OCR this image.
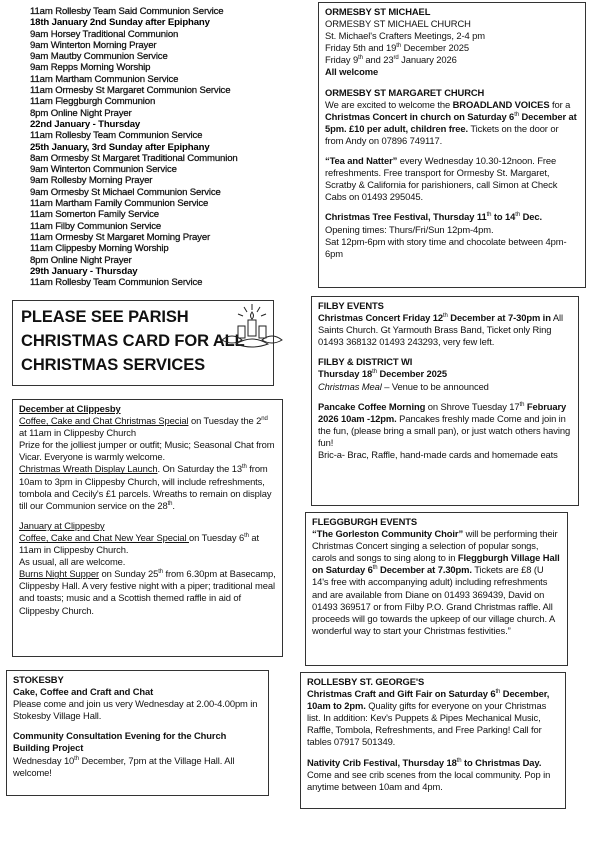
11am Rollesby Team Said Communion Service
18th January 2nd Sunday after Epiphany
9am Horsey Traditional Communion
9am Winterton Morning Prayer
9am Mautby Communion Service
9am Repps Morning Worship
11am Martham Communion Service
11am Ormesby St Margaret Communion Service
11am Fleggburgh Communion
8pm Online Night Prayer
22nd January - Thursday
11am Rollesby Team Communion Service
25th January, 3rd Sunday after Epiphany
8am Ormesby St Margaret Traditional Communion
9am Winterton Communion Service
9am Rollesby Morning Prayer
9am Ormesby St Michael Communion Service
11am Martham Family Communion Service
11am Somerton Family Service
11am Filby Communion Service
11am Ormesby St Margaret Morning Prayer
11am Clippesby Morning Worship
8pm Online Night Prayer
29th January - Thursday
11am Rollesby Team Communion Service
PLEASE SEE PARISH
CHRISTMAS CARD FOR ALL
CHRISTMAS SERVICES

December at Clippesby

Coffee, Cake and Chat Christmas Special on Tuesday the 2nd at 11am in Clippesby Church
Prize for the jolliest jumper or outfit; Music; Seasonal Chat from Vicar. Everyone is warmly welcome.
Christmas Wreath Display Launch. On Saturday the 13th from 10am to 3pm in Clippesby Church, will include refreshments, tombola and Cecily's £1 parcels. Wreaths to remain on display till our Communion service on the 28th.

January at Clippesby

Coffee, Cake and Chat New Year Special on Tuesday 6th at 11am in Clippesby Church.
As usual, all are welcome.
Burns Night Supper on Sunday 25th from 6.30pm at Basecamp, Clippesby Hall. A very festive night with a piper; traditional meal and toasts; music and a Scottish themed raffle in aid of Clippesby Church.

STOKESBY

Cake, Coffee and Craft and Chat

Please come and join us very Wednesday at 2.00-4.00pm in Stokesby Village Hall.

Community Consultation Evening for the Church Building Project

Wednesday 10th December, 7pm at the Village Hall. All welcome!

ORMESBY ST MICHAEL

ORMESBY ST MICHAEL CHURCH

St. Michael's Crafters Meetings, 2-4 pm

Friday 5th and 19th December 2025

Friday 9th and 23rd January 2026

All welcome

ORMESBY ST MARGARET CHURCH

We are excited to welcome the BROADLAND VOICES for a Christmas Concert in church on Saturday 6th December at 5pm. £10 per adult, children free. Tickets on the door or from Andy on 07896 749117.

“Tea and Natter” every Wednesday 10.30-12noon. Free refreshments. Free transport for Ormesby St. Margaret, Scratby & California for parishioners, call Simon at Check Cabs on 01493 295045.

Christmas Tree Festival, Thursday 11th to 14th Dec.

Opening times: Thurs/Fri/Sun 12pm-4pm.
Sat 12pm-6pm with story time and chocolate between 4pm-6pm

FILBY EVENTS

Christmas Concert Friday 12th December at 7-30pm in All Saints Church. Gt Yarmouth Brass Band, Ticket only Ring 01493 368132 01493 243293, very few left.

FILBY & DISTRICT WI

Thursday 18th December 2025

Christmas Meal – Venue to be announced

Pancake Coffee Morning on Shrove Tuesday 17th February 2026 10am -12pm. Pancakes freshly made Come and join in the fun, (please bring a small pan), or just watch others having fun!
Bric-a- Brac, Raffle, hand-made cards and homemade eats

FLEGGBURGH EVENTS

“The Gorleston Community Choir” will be performing their Christmas Concert singing a selection of popular songs, carols and songs to sing along to in Fleggburgh Village Hall on Saturday 6th December at 7.30pm. Tickets are £8 (U 14's free with accompanying adult) including refreshments and are available from Diane on 01493 369439, David on 01493 369517 or from Filby P.O. Grand Christmas raffle. All proceeds will go towards the upkeep of our village church. A wonderful way to start your Christmas festivities.”

ROLLESBY ST. GEORGE'S

Christmas Craft and Gift Fair on Saturday 6th December, 10am to 2pm. Quality gifts for everyone on your Christmas list. In addition: Kev's Puppets & Pipes Mechanical Music, Raffle, Tombola, Refreshments, and Free Parking! Call for tables 07917 501349.

Nativity Crib Festival, Thursday 18th to Christmas Day.
Come and see crib scenes from the local community. Pop in anytime between 10am and 4pm.
